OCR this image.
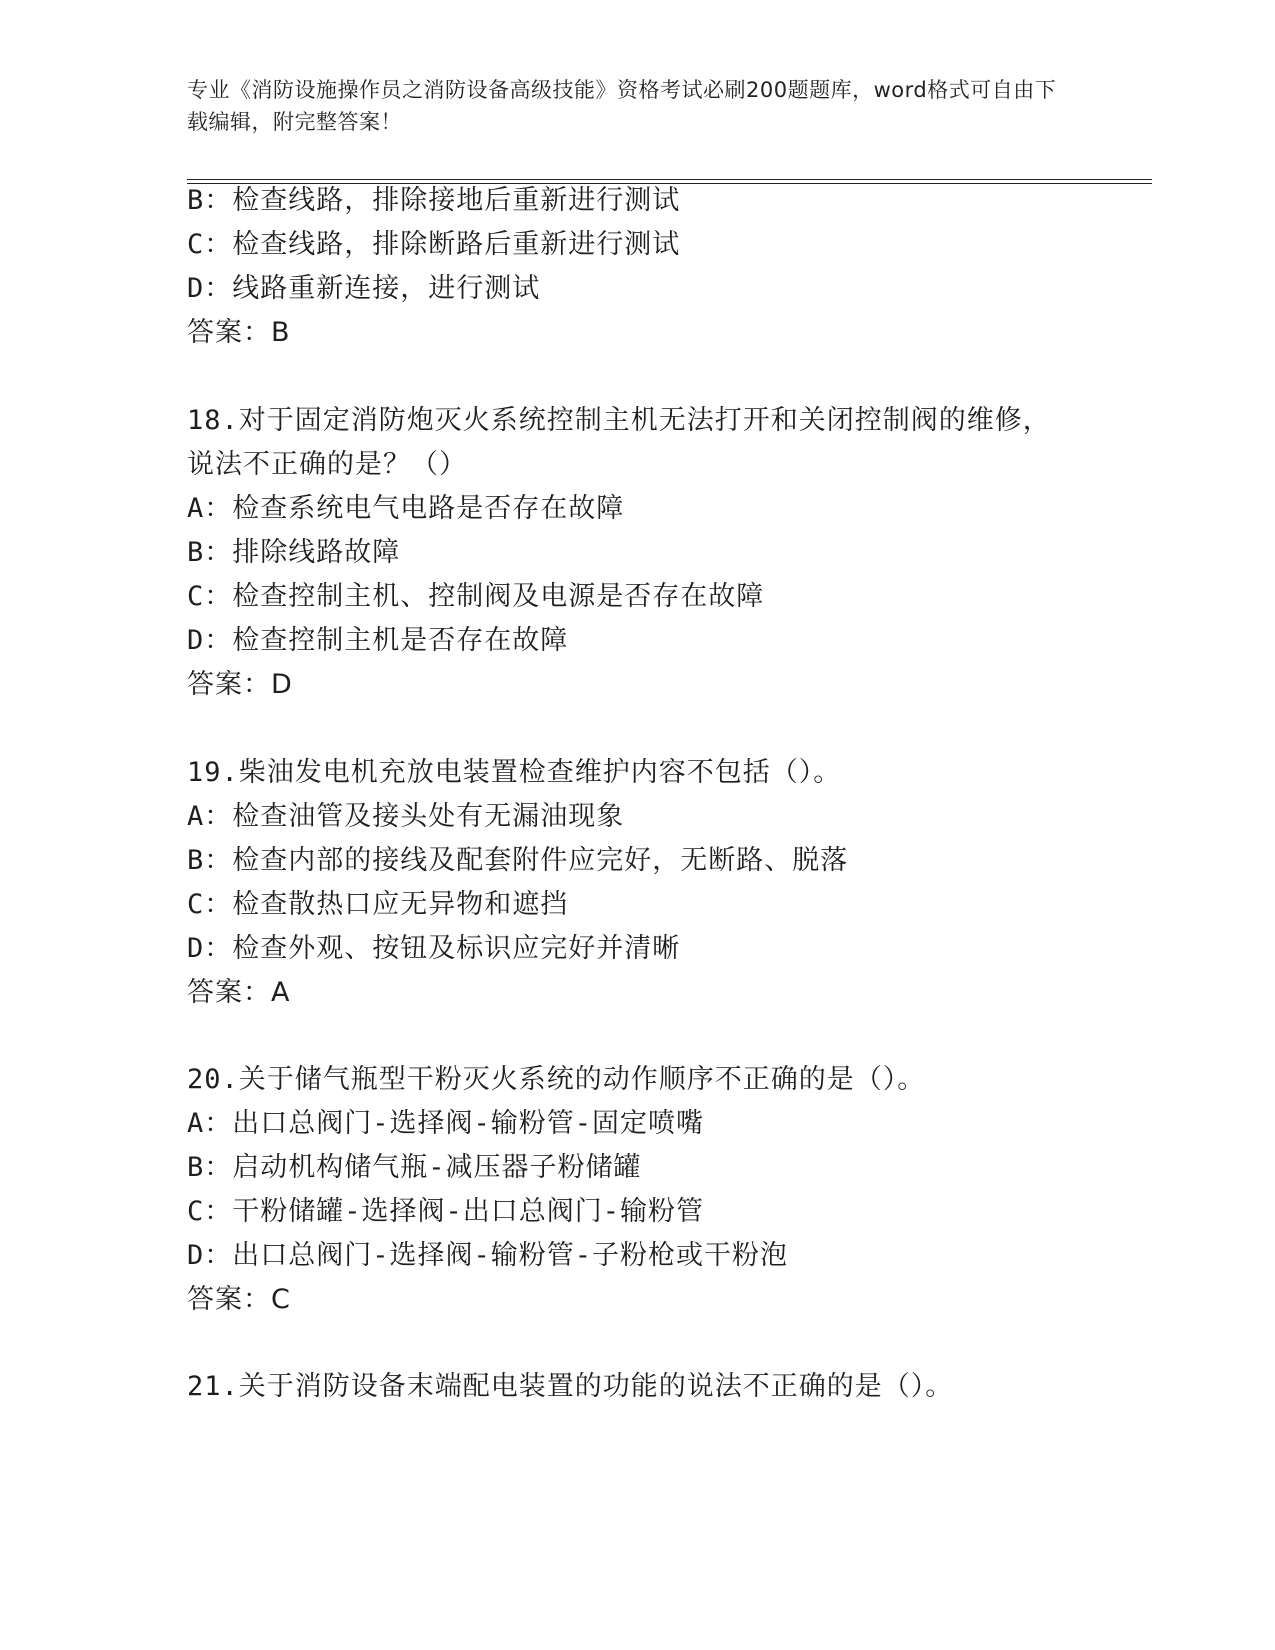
专业《消防设施操作员之消防设备高级技能》资格考试必刷200题题库，word格式可自由下载编辑，附完整答案！
B：检查线路，排除接地后重新进行测试
C：检查线路，排除断路后重新进行测试
D：线路重新连接，进行测试
答案：B
18.对于固定消防炮灭火系统控制主机无法打开和关闭控制阀的维修，
说法不正确的是？（）
A：检查系统电气电路是否存在故障
B：排除线路故障
C：检查控制主机、控制阀及电源是否存在故障
D：检查控制主机是否存在故障
答案：D
19.柴油发电机充放电装置检查维护内容不包括（）。
A：检查油管及接头处有无漏油现象
B：检查内部的接线及配套附件应完好，无断路、脱落
C：检查散热口应无异物和遮挡
D：检查外观、按钮及标识应完好并清晰
答案：A
20.关于储气瓶型干粉灭火系统的动作顺序不正确的是（）。
A：出口总阀门-选择阀-输粉管-固定喷嘴
B：启动机构储气瓶-减压器子粉储罐
C：干粉储罐-选择阀-出口总阀门-输粉管
D：出口总阀门-选择阀-输粉管-子粉枪或干粉泡
答案：C
21.关于消防设备末端配电装置的功能的说法不正确的是（）。
